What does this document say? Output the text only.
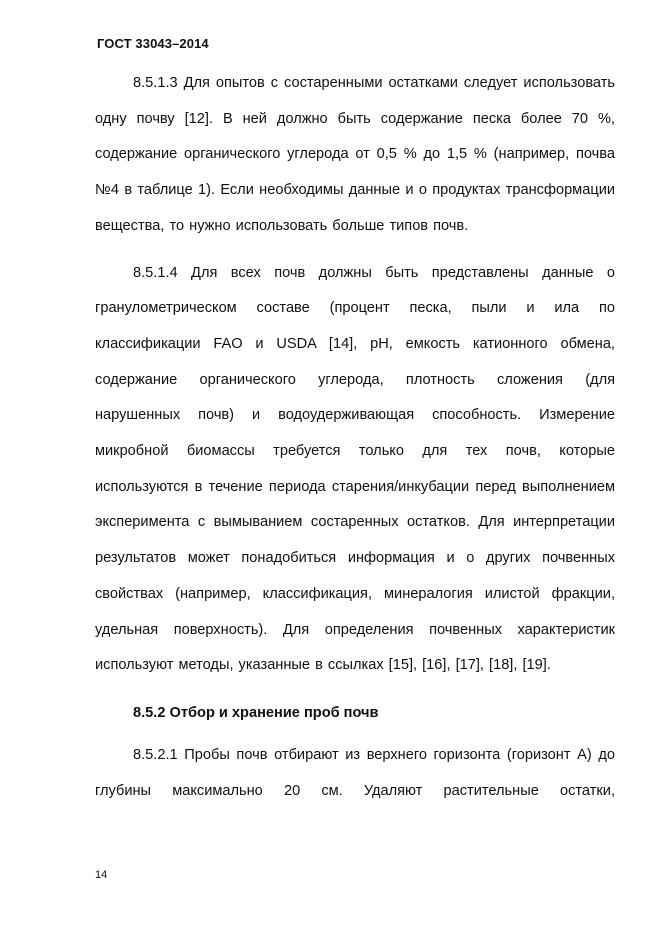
ГОСТ 33043–2014

8.5.1.3 Для опытов с состаренными остатками следует использовать одну почву [12]. В ней должно быть содержание песка более 70 %, содержание органического углерода от 0,5 % до 1,5 % (например, почва №4 в таблице 1). Если необходимы данные и о продуктах трансформации вещества, то нужно использовать больше типов почв.

8.5.1.4 Для всех почв должны быть представлены данные о гранулометрическом составе (процент песка, пыли и ила по классификации FAO и USDA [14], pH, емкость катионного обмена, содержание органического углерода, плотность сложения (для нарушенных почв) и водоудерживающая способность. Измерение микробной биомассы требуется только для тех почв, которые используются в течение периода старения/инкубации перед выполнением эксперимента с вымыванием состаренных остатков. Для интерпретации результатов может понадобиться информация и о других почвенных свойствах (например, классификация, минералогия илистой фракции, удельная поверхность). Для определения почвенных характеристик используют методы, указанные в ссылках [15], [16], [17], [18], [19].

8.5.2 Отбор и хранение проб почв

8.5.2.1 Пробы почв отбирают из верхнего горизонта (горизонт А) до глубины максимально 20 см. Удаляют растительные остатки,

14
